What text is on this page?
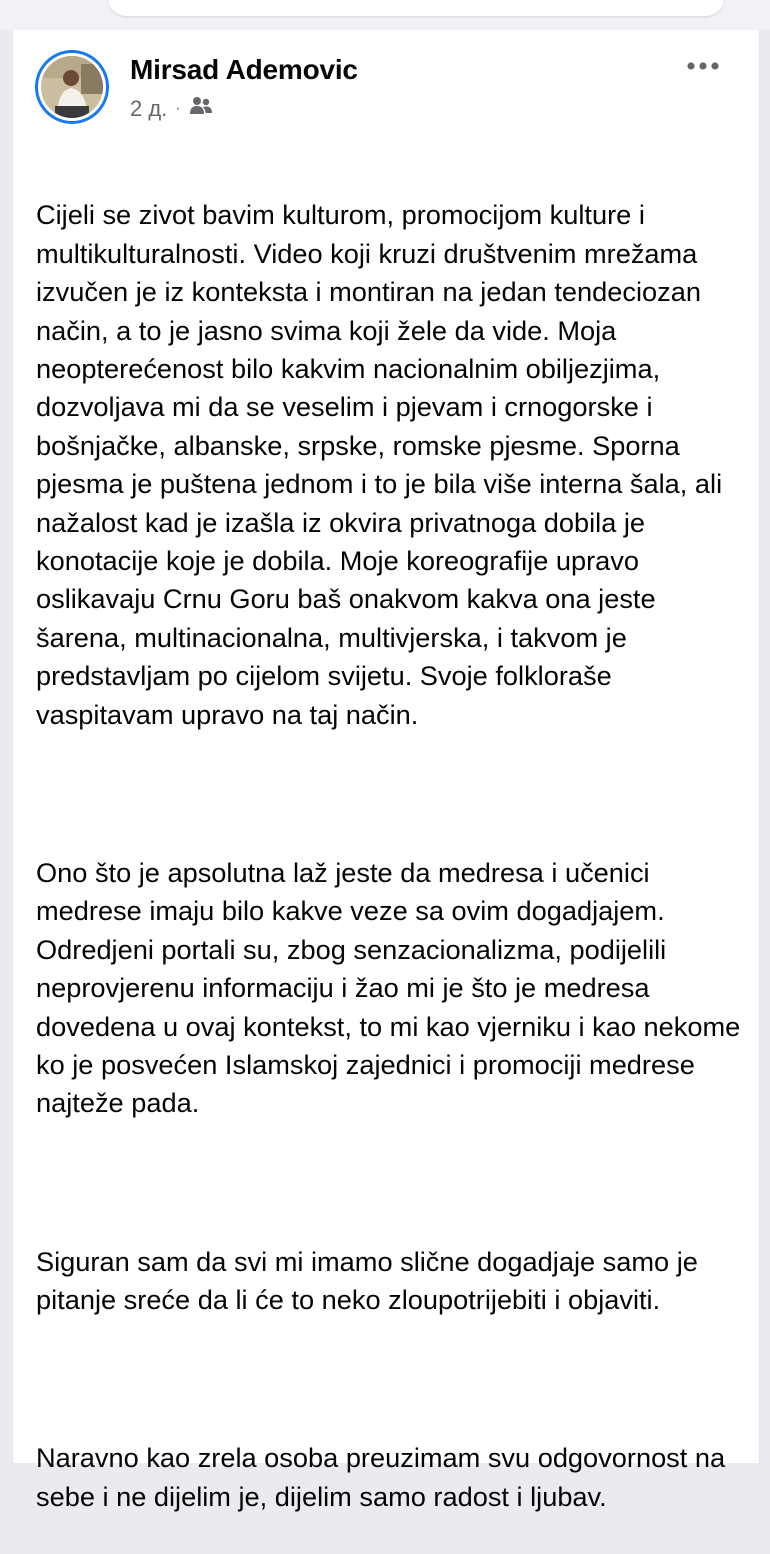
Mirsad Ademovic
2 д. ·

Cijeli se zivot bavim kulturom, promocijom kulture i multikulturalnosti. Video koji kruzi društvenim mrežama izvučen je iz konteksta i montiran na jedan tendeciozan način, a to je jasno svima koji žele da vide. Moja neopterećenost bilo kakvim nacionalnim obiljezjima, dozvoljava mi da se veselim i pjevam i crnogorske i bošnjačke, albanske, srpske, romske pjesme. Sporna pjesma je puštena jednom i to je bila više interna šala, ali nažalost kad je izašla iz okvira privatnoga dobila je konotacije koje je dobila. Moje koreografije upravo oslikavaju Crnu Goru baš onakvom kakva ona jeste šarena, multinacionalna, multivjerska, i takvom je predstavljam po cijelom svijetu. Svoje folkloraše vaspitavam upravo na taj način.

Ono što je apsolutna laž jeste da medresa i učenici medrese imaju bilo kakve veze sa ovim dogadjajem. Odredjeni portali su, zbog senzacionalizma, podijelili neprovjerenu informaciju i žao mi je što je medresa dovedena u ovaj kontekst, to mi kao vjerniku i kao nekome ko je posvećen Islamskoj zajednici i promociji medrese najteže pada.

Siguran sam da svi mi imamo slične dogadjaje samo je pitanje sreće da li će to neko zloupotrijebiti i objaviti.

Naravno kao zrela osoba preuzimam svu odgovornost na sebe i ne dijelim je, dijelim samo radost i ljubav.
